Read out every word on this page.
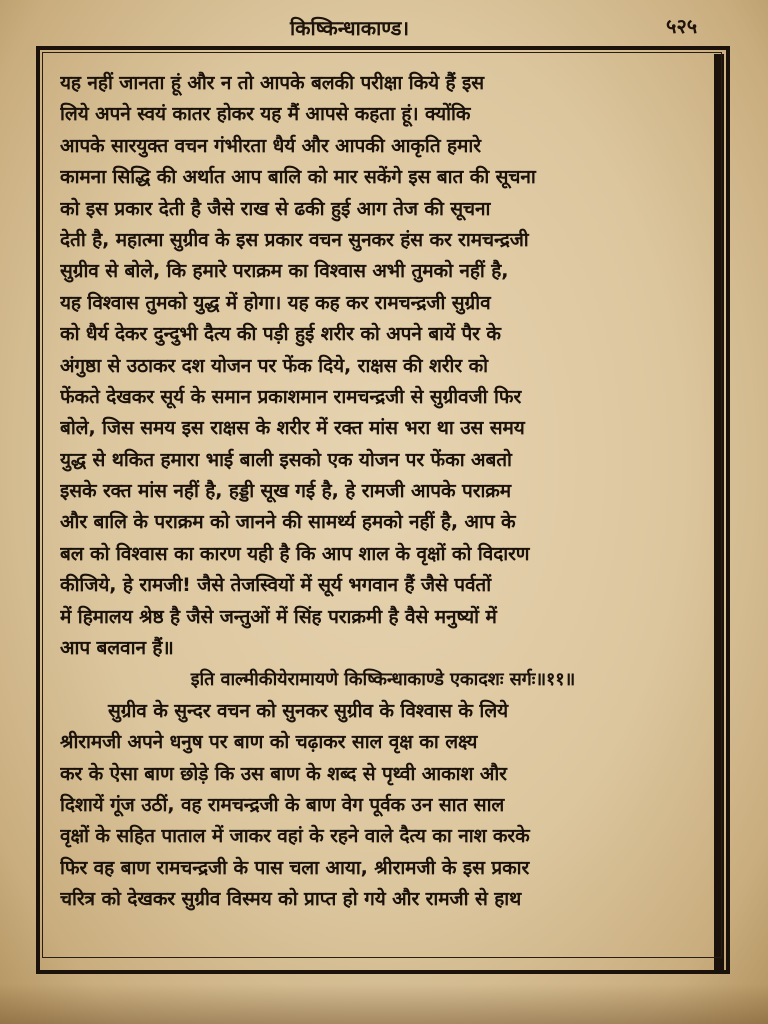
किष्किन्धाकाण्ड।	५२५
यह नहीं जानता हूं और न तो आपके बलकी परीक्षा किये हैं इस
लिये अपने स्वयं कातर होकर यह मैं आपसे कहता हूं। क्योंकि
आपके सारयुक्त वचन गंभीरता धैर्य और आपकी आकृति हमारे
कामना सिद्धि की अर्थात आप बालि को मार सकेंगे इस बात की सूचना
को इस प्रकार देती है जैसे राख से ढकी हुई आग तेज की सूचना
देती है, महात्मा सुग्रीव के इस प्रकार वचन सुनकर हंस कर रामचन्द्रजी
सुग्रीव से बोले, कि हमारे पराक्रम का विश्वास अभी तुमको नहीं है,
यह विश्वास तुमको युद्ध में होगा। यह कह कर रामचन्द्रजी सुग्रीव
को धैर्य देकर दुन्दुभी दैत्य की पड़ी हुई शरीर को अपने बायें पैर के
अंगुष्ठा से उठाकर दश योजन पर फेंक दिये, राक्षस की शरीर को
फेंकते देखकर सूर्य के समान प्रकाशमान रामचन्द्रजी से सुग्रीवजी फिर
बोले, जिस समय इस राक्षस के शरीर में रक्त मांस भरा था उस समय
युद्ध से थकित हमारा भाई बाली इसको एक योजन पर फेंका अबतो
इसके रक्त मांस नहीं है, हड्डी सूख गई है, हे रामजी आपके पराक्रम
और बालि के पराक्रम को जानने की सामर्थ्य हमको नहीं है, आप के
बल को विश्वास का कारण यही है कि आप शाल के वृक्षों को विदारण
कीजिये, हे रामजी! जैसे तेजस्वियों में सूर्य भगवान हैं जैसे पर्वतों
में हिमालय श्रेष्ठ है जैसे जन्तुओं में सिंह पराक्रमी है वैसे मनुष्यों में
आप बलवान हैं॥
इति वाल्मीकीयेरामायणे किष्किन्धाकाण्डे एकादशः सर्गः॥११॥
सुग्रीव के सुन्दर वचन को सुनकर सुग्रीव के विश्वास के लिये
श्रीरामजी अपने धनुष पर बाण को चढ़ाकर साल वृक्ष का लक्ष्य
कर के ऐसा बाण छोड़े कि उस बाण के शब्द से पृथ्वी आकाश और
दिशायें गूंज उठीं, वह रामचन्द्रजी के बाण वेग पूर्वक उन सात साल
वृक्षों के सहित पाताल में जाकर वहां के रहने वाले दैत्य का नाश करके
फिर वह बाण रामचन्द्रजी के पास चला आया, श्रीरामजी के इस प्रकार
चरित्र को देखकर सुग्रीव विस्मय को प्राप्त हो गये और रामजी से हाथ
